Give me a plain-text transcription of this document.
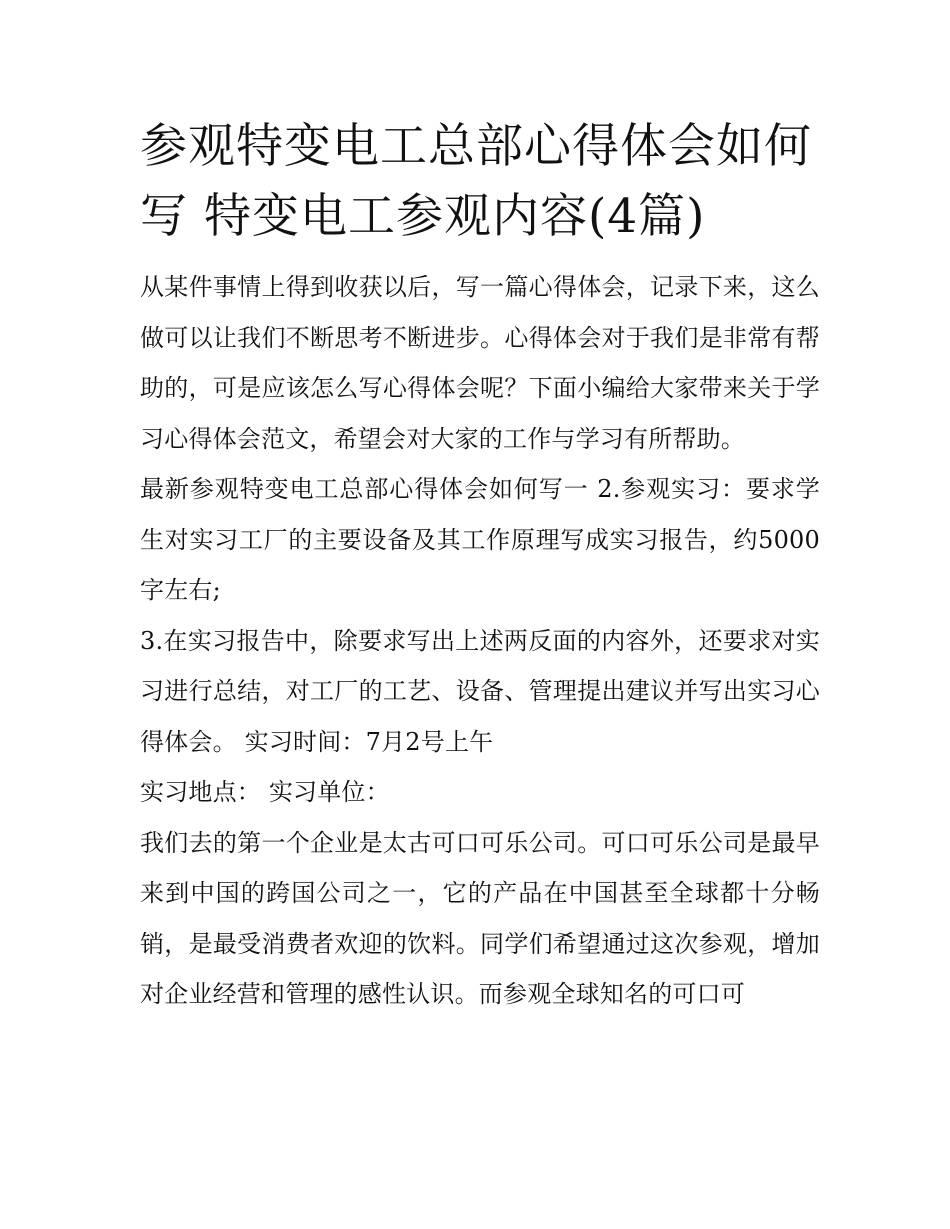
参观特变电工总部心得体会如何写 特变电工参观内容(4篇)

从某件事情上得到收获以后，写一篇心得体会，记录下来，这么做可以让我们不断思考不断进步。心得体会对于我们是非常有帮助的，可是应该怎么写心得体会呢？下面小编给大家带来关于学习心得体会范文，希望会对大家的工作与学习有所帮助。

最新参观特变电工总部心得体会如何写一 2.参观实习：要求学生对实习工厂的主要设备及其工作原理写成实习报告，约5000字左右;

3.在实习报告中，除要求写出上述两反面的内容外，还要求对实习进行总结，对工厂的工艺、设备、管理提出建议并写出实习心得体会。 实习时间：7月2号上午

实习地点： 实习单位：

我们去的第一个企业是太古可口可乐公司。可口可乐公司是最早来到中国的跨国公司之一，它的产品在中国甚至全球都十分畅销，是最受消费者欢迎的饮料。同学们希望通过这次参观，增加对企业经营和管理的感性认识。而参观全球知名的可口可
